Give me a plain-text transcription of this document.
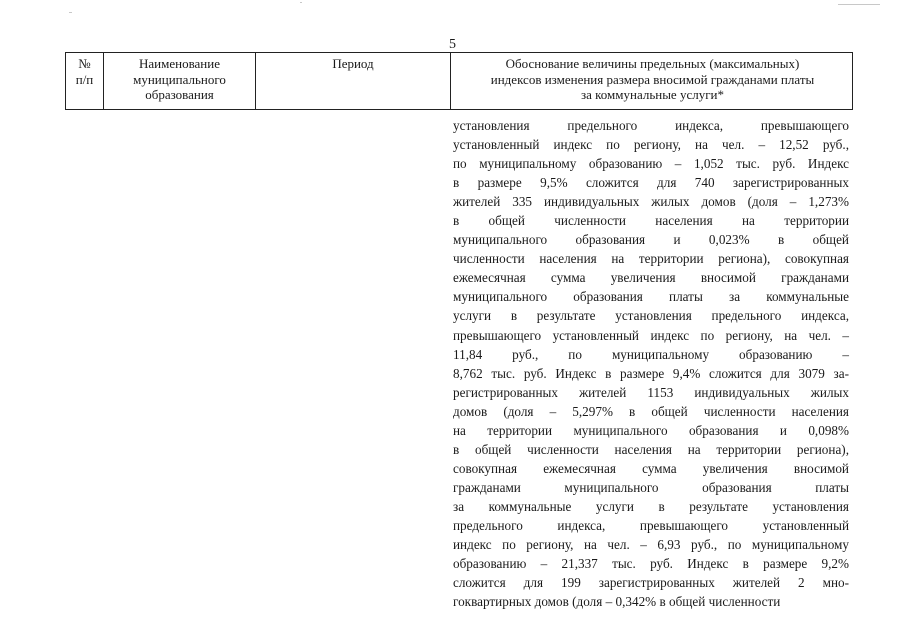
5
№
п/п
Наименование
муниципального
образования
Период	Обоснование величины предельных (максимальных)
индексов изменения размера вносимой гражданами платы
за коммунальные услуги*
установления предельного индекса, превышающего
установленный индекс по региону, на чел. – 12,52 руб.,
по муниципальному образованию – 1,052 тыс. руб. Индекс
в размере 9,5% сложится для 740 зарегистрированных
жителей 335 индивидуальных жилых домов (доля – 1,273%
в общей численности населения на территории
муниципального образования и 0,023% в общей
численности населения на территории региона), совокупная
ежемесячная сумма увеличения вносимой гражданами
муниципального образования платы за коммунальные
услуги в результате установления предельного индекса,
превышающего установленный индекс по региону, на чел. –
11,84 руб., по муниципальному образованию –
8,762 тыс. руб. Индекс в размере 9,4% сложится для 3079 за-
регистрированных жителей 1153 индивидуальных жилых
домов (доля – 5,297% в общей численности населения
на территории муниципального образования и 0,098%
в общей численности населения на территории региона),
совокупная ежемесячная сумма увеличения вносимой
гражданами муниципального образования платы
за коммунальные услуги в результате установления
предельного индекса, превышающего установленный
индекс по региону, на чел. – 6,93 руб., по муниципальному
образованию – 21,337 тыс. руб. Индекс в размере 9,2%
сложится для 199 зарегистрированных жителей 2 мно-
гоквартирных домов (доля – 0,342% в общей численности
